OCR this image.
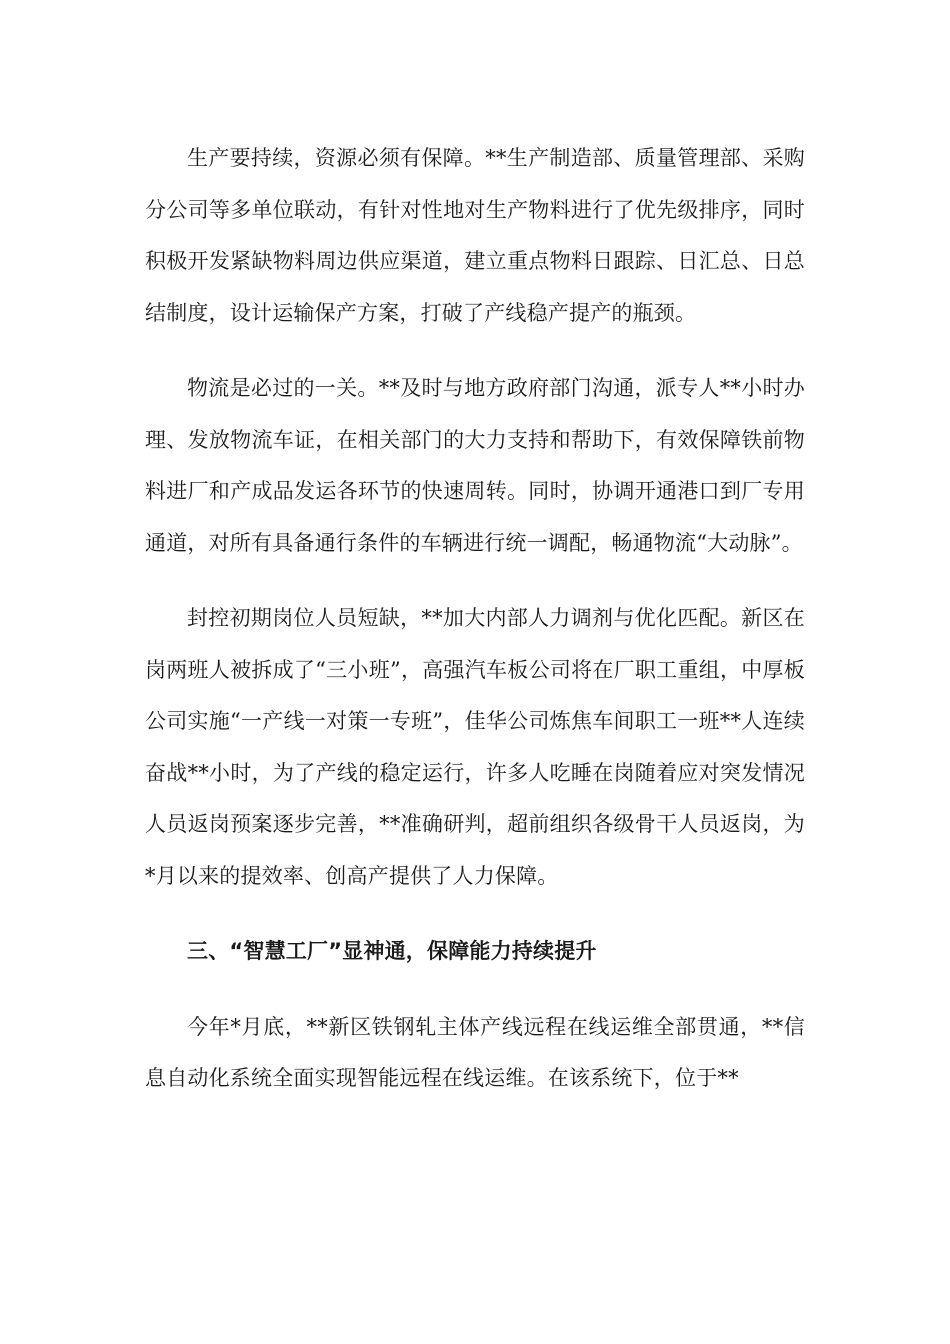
生产要持续，资源必须有保障。**生产制造部、质量管理部、采购分公司等多单位联动，有针对性地对生产物料进行了优先级排序，同时积极开发紧缺物料周边供应渠道，建立重点物料日跟踪、日汇总、日总结制度，设计运输保产方案，打破了产线稳产提产的瓶颈。

物流是必过的一关。**及时与地方政府部门沟通，派专人**小时办理、发放物流车证，在相关部门的大力支持和帮助下，有效保障铁前物料进厂和产成品发运各环节的快速周转。同时，协调开通港口到厂专用通道，对所有具备通行条件的车辆进行统一调配，畅通物流“大动脉”。

封控初期岗位人员短缺，**加大内部人力调剂与优化匹配。新区在岗两班人被拆成了“三小班”，高强汽车板公司将在厂职工重组，中厚板公司实施“一产线一对策一专班”，佳华公司炼焦车间职工一班**人连续奋战**小时，为了产线的稳定运行，许多人吃睡在岗随着应对突发情况人员返岗预案逐步完善，**准确研判，超前组织各级骨干人员返岗，为*月以来的提效率、创高产提供了人力保障。

三、“智慧工厂”显神通，保障能力持续提升

今年*月底，**新区铁钢轧主体产线远程在线运维全部贯通，**信息自动化系统全面实现智能远程在线运维。在该系统下，位于**
